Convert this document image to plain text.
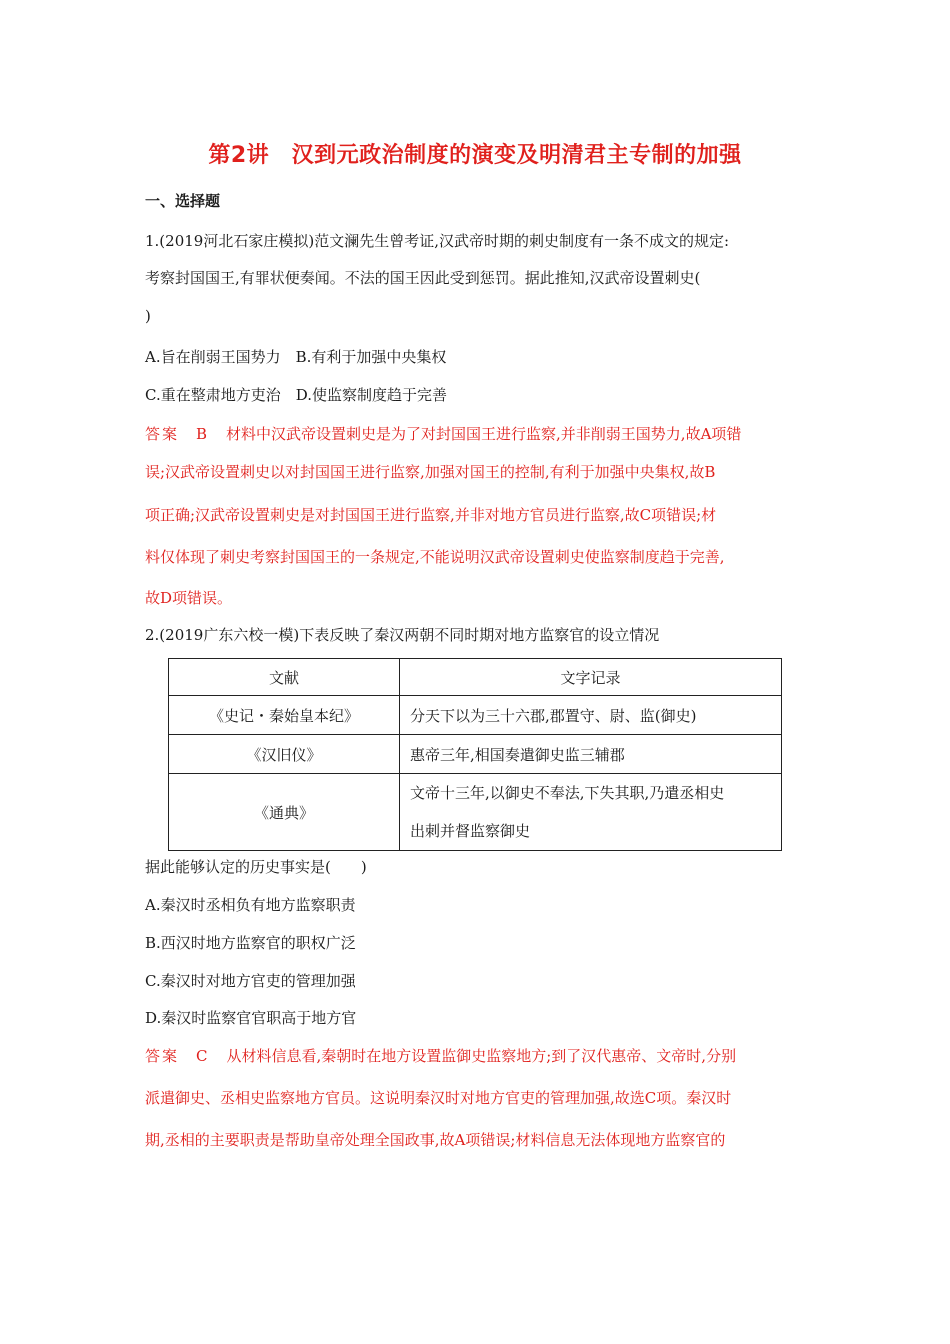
第2讲　汉到元政治制度的演变及明清君主专制的加强
一、选择题
1.(2019河北石家庄模拟)范文澜先生曾考证,汉武帝时期的刺史制度有一条不成文的规定:
考察封国国王,有罪状便奏闻。不法的国王因此受到惩罚。据此推知,汉武帝设置刺史(
)
A.旨在削弱王国势力　B.有利于加强中央集权
C.重在整肃地方吏治　D.使监察制度趋于完善
答案　B　材料中汉武帝设置刺史是为了对封国国王进行监察,并非削弱王国势力,故A项错
误;汉武帝设置刺史以对封国国王进行监察,加强对国王的控制,有利于加强中央集权,故B
项正确;汉武帝设置刺史是对封国国王进行监察,并非对地方官员进行监察,故C项错误;材
料仅体现了刺史考察封国国王的一条规定,不能说明汉武帝设置刺史使监察制度趋于完善,
故D项错误。
2.(2019广东六校一模)下表反映了秦汉两朝不同时期对地方监察官的设立情况
文献	文字记录
《史记・秦始皇本纪》	分天下以为三十六郡,郡置守、尉、监(御史)
《汉旧仪》	惠帝三年,相国奏遣御史监三辅郡
《通典》	文帝十三年,以御史不奉法,下失其职,乃遣丞相史
出刺并督监察御史
据此能够认定的历史事实是(　　)
A.秦汉时丞相负有地方监察职责
B.西汉时地方监察官的职权广泛
C.秦汉时对地方官吏的管理加强
D.秦汉时监察官官职高于地方官
答案　C　从材料信息看,秦朝时在地方设置监御史监察地方;到了汉代惠帝、文帝时,分别
派遣御史、丞相史监察地方官员。这说明秦汉时对地方官吏的管理加强,故选C项。秦汉时
期,丞相的主要职责是帮助皇帝处理全国政事,故A项错误;材料信息无法体现地方监察官的
